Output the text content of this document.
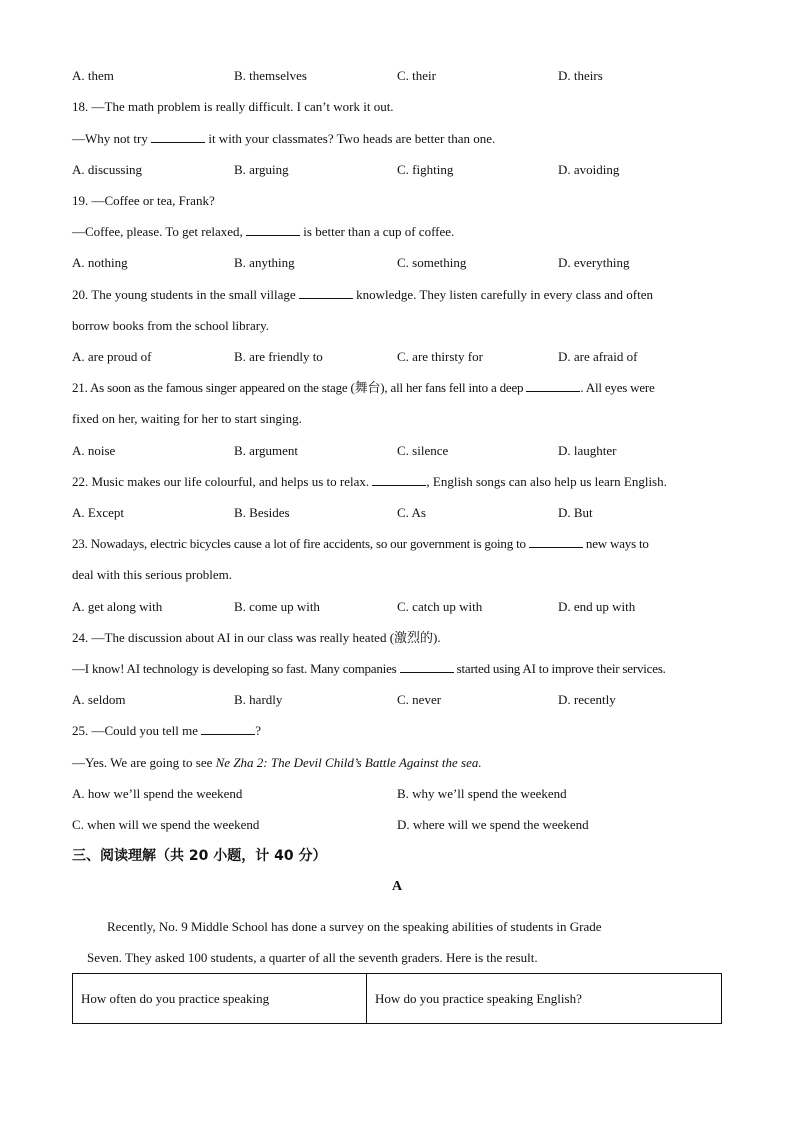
A. them	B. themselves	C. their	D. theirs
18. —The math problem is really difficult. I can’t work it out.
—Why not try	it with your classmates? Two heads are better than one.
A. discussing	B. arguing	C. fighting	D. avoiding
19. —Coffee or tea, Frank?
—Coffee, please. To get relaxed,	is better than a cup of coffee.
A. nothing	B. anything	C. something	D. everything
20. The young students in the small village	knowledge. They listen carefully in every class and often
borrow books from the school library.
A. are proud of	B. are friendly to	C. are thirsty for	D. are afraid of
21. As soon as the famous singer appeared on the stage (舞台), all her fans fell into a deep	. All eyes were
fixed on her, waiting for her to start singing.
A. noise	B. argument	C. silence	D. laughter
22. Music makes our life colourful, and helps us to relax.	, English songs can also help us learn English.
A. Except	B. Besides	C. As	D. But
23. Nowadays, electric bicycles cause a lot of fire accidents, so our government is going to	new ways to
deal with this serious problem.
A. get along with	B. come up with	C. catch up with	D. end up with
24. —The discussion about AI in our class was really heated (激烈的).
—I know! AI technology is developing so fast. Many companies	started using AI to improve their services.
A. seldom	B. hardly	C. never	D. recently
25. —Could you tell me	?
—Yes. We are going to see Ne Zha 2: The Devil Child’s Battle Against the sea.
A. how we’ll spend the weekend	B. why we’ll spend the weekend
C. when will we spend the weekend	D. where will we spend the weekend
三、阅读理解（共 20 小题，计 40 分）
A
Recently, No. 9 Middle School has done a survey on the speaking abilities of students in Grade
Seven. They asked 100 students, a quarter of all the seventh graders. Here is the result.
How often do you practice speaking	How do you practice speaking English?
